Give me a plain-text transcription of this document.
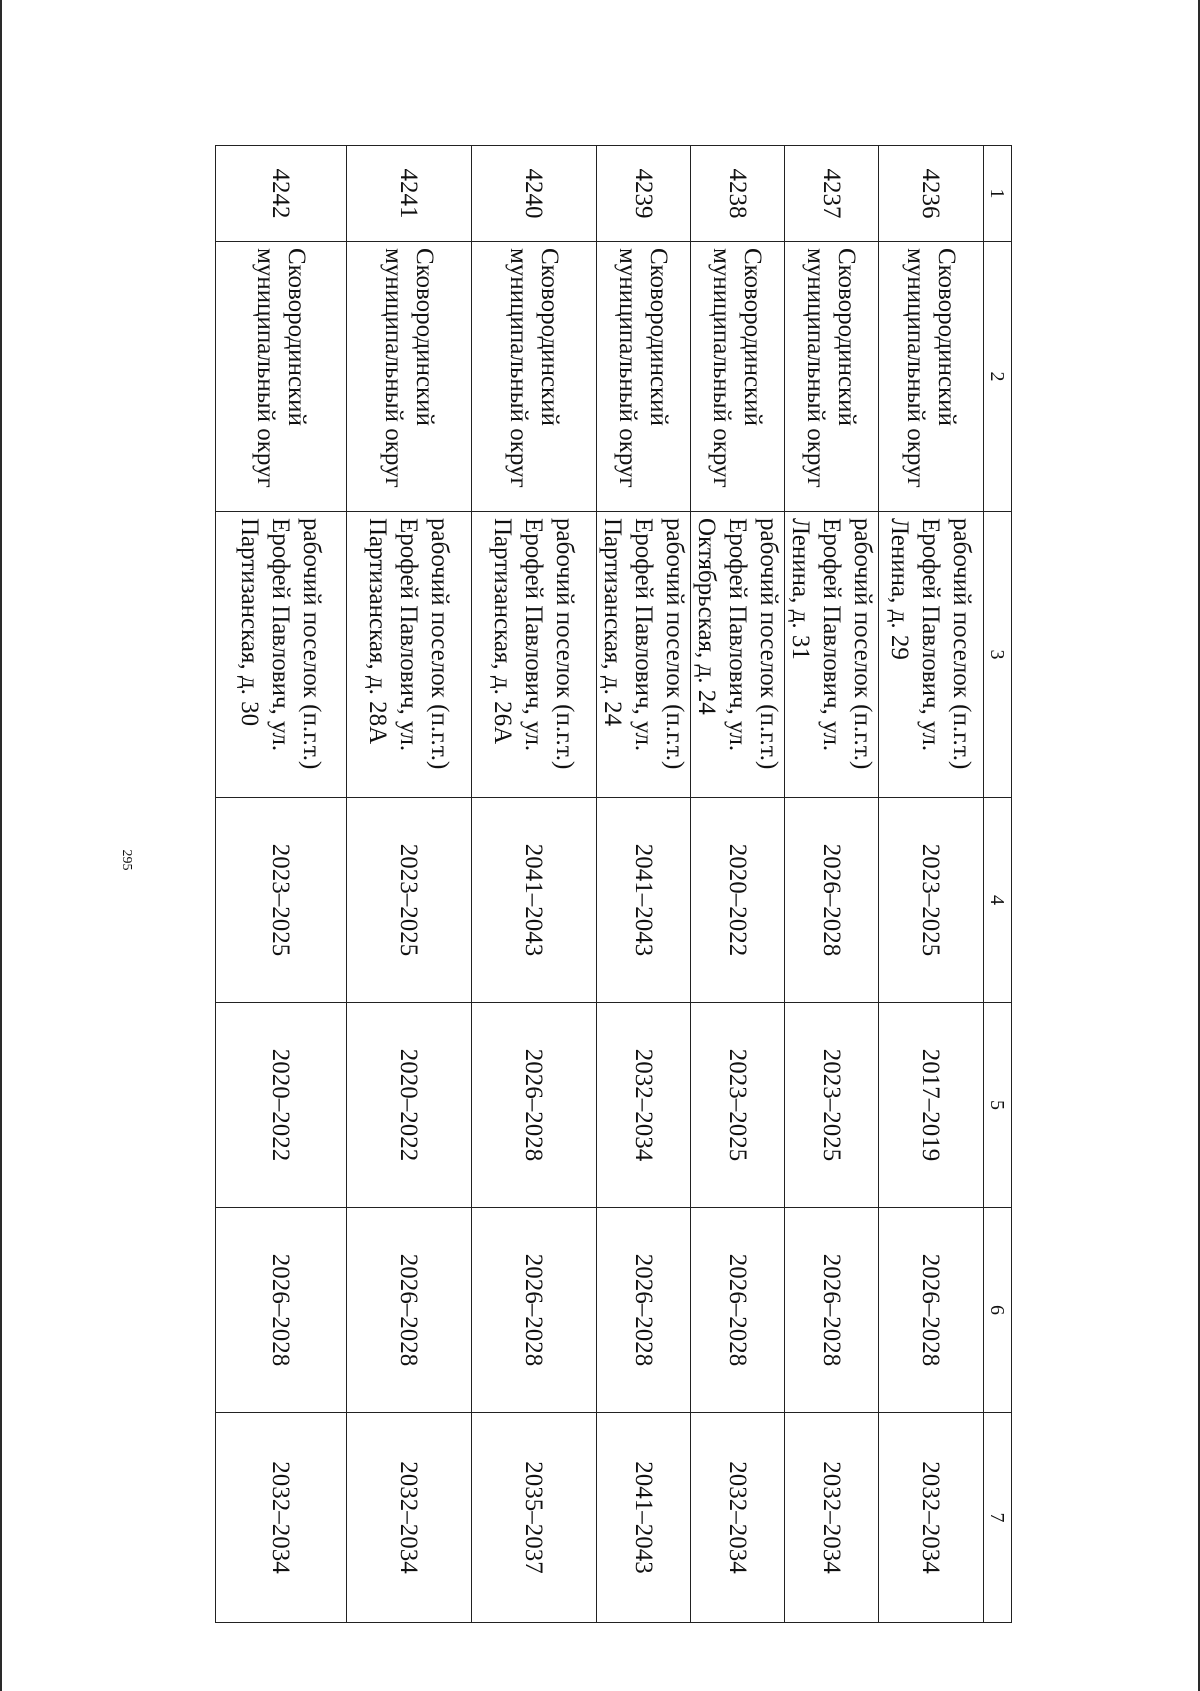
295
1	2	3	4	5	6	7
4236	Сковородинский муниципальный округ	рабочий поселок (п.г.т.) Ерофей Павлович, ул. Ленина, д. 29	2023–2025	2017–2019	2026–2028	2032–2034
4237	Сковородинский муниципальный округ	рабочий поселок (п.г.т.) Ерофей Павлович, ул. Ленина, д. 31	2026–2028	2023–2025	2026–2028	2032–2034
4238	Сковородинский муниципальный округ	рабочий поселок (п.г.т.) Ерофей Павлович, ул. Октябрьская, д. 24	2020–2022	2023–2025	2026–2028	2032–2034
4239	Сковородинский муниципальный округ	рабочий поселок (п.г.т.) Ерофей Павлович, ул. Партизанская, д. 24	2041–2043	2032–2034	2026–2028	2041–2043
4240	Сковородинский муниципальный округ	рабочий поселок (п.г.т.) Ерофей Павлович, ул. Партизанская, д. 26А	2041–2043	2026–2028	2026–2028	2035–2037
4241	Сковородинский муниципальный округ	рабочий поселок (п.г.т.) Ерофей Павлович, ул. Партизанская, д. 28А	2023–2025	2020–2022	2026–2028	2032–2034
4242	Сковородинский муниципальный округ	рабочий поселок (п.г.т.) Ерофей Павлович, ул. Партизанская, д. 30	2023–2025	2020–2022	2026–2028	2032–2034
